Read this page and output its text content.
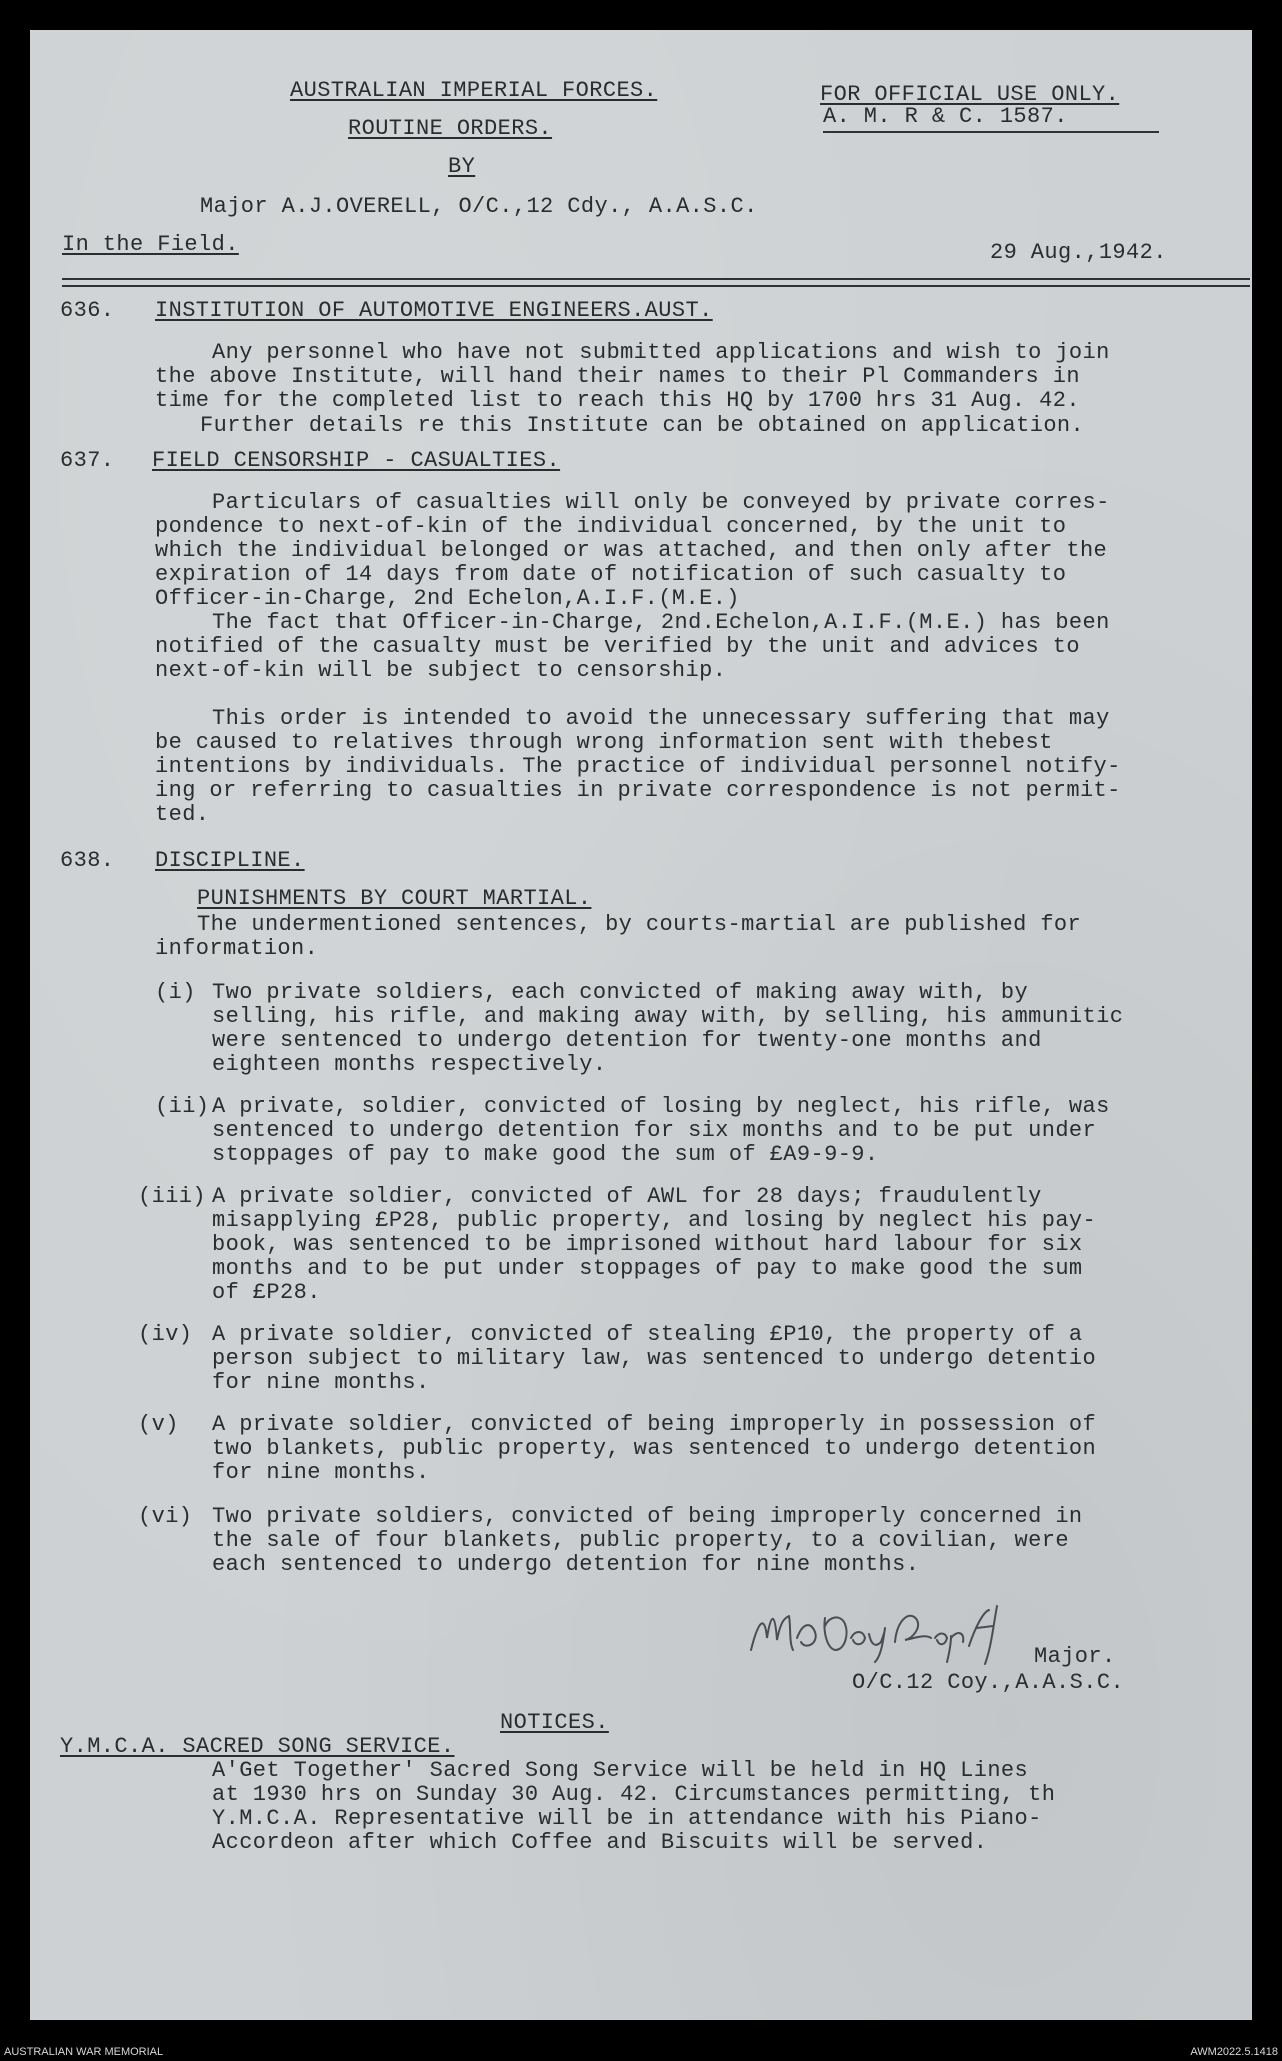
AUSTRALIAN IMPERIAL FORCES.
ROUTINE ORDERS.
BY
Major A.J.OVERELL, O/C.,12 Cdy., A.A.S.C.
FOR OFFICIAL USE ONLY.
A. M. R & C. 1587.
In the Field.	29 Aug.,1942.
636. INSTITUTION OF AUTOMOTIVE ENGINEERS.AUST.
Any personnel who have not submitted applications and wish to join
the above Institute, will hand their names to their Pl Commanders in
time for the completed list to reach this HQ by 1700 hrs 31 Aug. 42.
Further details re this Institute can be obtained on application.
637. FIELD CENSORSHIP - CASUALTIES.
Particulars of casualties will only be conveyed by private corres-
pondence to next-of-kin of the individual concerned, by the unit to
which the individual belonged or was attached, and then only after the
expiration of 14 days from date of notification of such casualty to
Officer-in-Charge, 2nd Echelon,A.I.F.(M.E.)
The fact that Officer-in-Charge, 2nd.Echelon,A.I.F.(M.E.) has been
notified of the casualty must be verified by the unit and advices to
next-of-kin will be subject to censorship.
This order is intended to avoid the unnecessary suffering that may
be caused to relatives through wrong information sent with thebest
intentions by individuals. The practice of individual personnel notify-
ing or referring to casualties in private correspondence is not permit-
ted.
638. DISCIPLINE.
PUNISHMENTS BY COURT MARTIAL.
The undermentioned sentences, by courts-martial are published for
information.
(i) Two private soldiers, each convicted of making away with, by
selling, his rifle, and making away with, by selling, his ammunitic
were sentenced to undergo detention for twenty-one months and
eighteen months respectively.
(ii) A private, soldier, convicted of losing by neglect, his rifle, was
sentenced to undergo detention for six months and to be put under
stoppages of pay to make good the sum of £A9-9-9.
(iii) A private soldier, convicted of AWL for 28 days; fraudulently
misapplying £P28, public property, and losing by neglect his pay-
book, was sentenced to be imprisoned without hard labour for six
months and to be put under stoppages of pay to make good the sum
of £P28.
(iv) A private soldier, convicted of stealing £P10, the property of a
person subject to military law, was sentenced to undergo detentio
for nine months.
(v) A private soldier, convicted of being improperly in possession of
two blankets, public property, was sentenced to undergo detention
for nine months.
(vi) Two private soldiers, convicted of being improperly concerned in
the sale of four blankets, public property, to a covilian, were
each sentenced to undergo detention for nine months.
Major.
O/C.12 Coy.,A.A.S.C.
NOTICES.
Y.M.C.A. SACRED SONG SERVICE.
A'Get Together' Sacred Song Service will be held in HQ Lines
at 1930 hrs on Sunday 30 Aug. 42. Circumstances permitting, th
Y.M.C.A. Representative will be in attendance with his Piano-
Accordeon after which Coffee and Biscuits will be served.
AUSTRALIAN WAR MEMORIAL	AWM2022.5.1418
